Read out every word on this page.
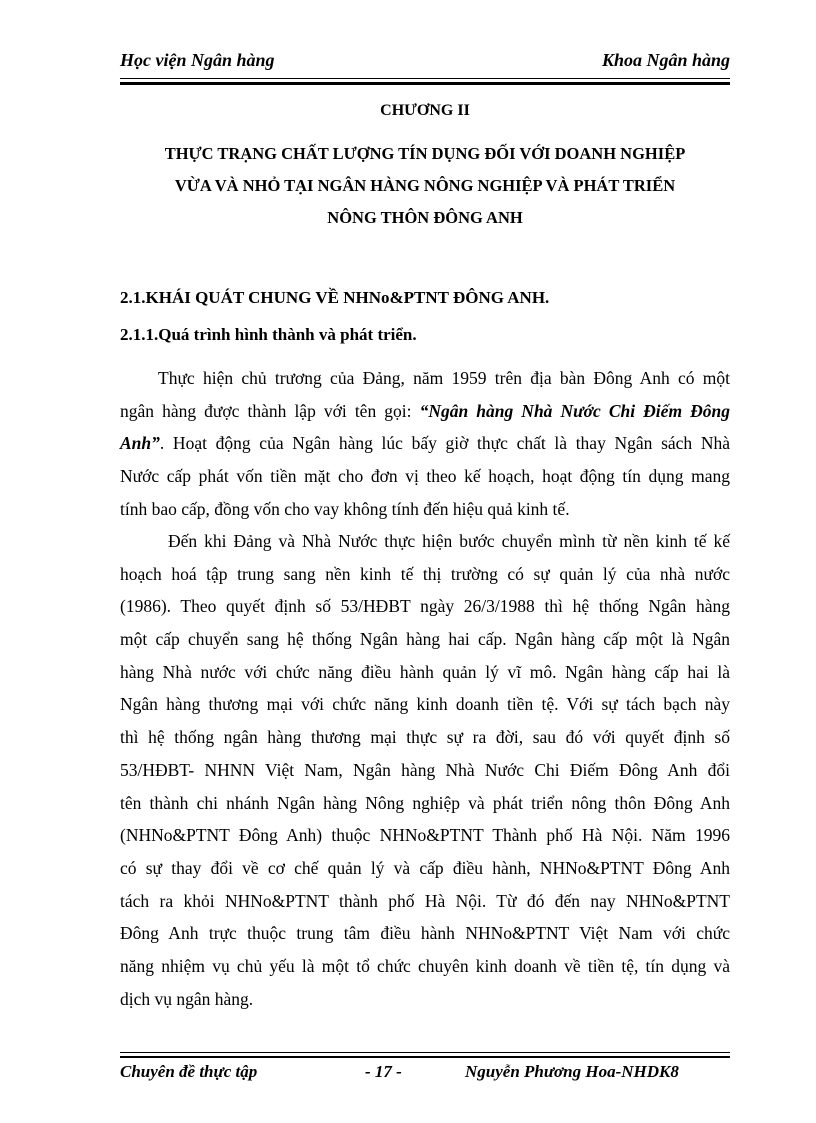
Học viện Ngân hàng	Khoa Ngân hàng
CHƯƠNG II
THỰC TRẠNG CHẤT LƯỢNG TÍN DỤNG ĐỐI VỚI DOANH NGHIỆP
VỪA VÀ NHỎ TẠI NGÂN HÀNG NÔNG NGHIỆP VÀ PHÁT TRIỂN
NÔNG THÔN ĐÔNG ANH
2.1.KHÁI QUÁT CHUNG VỀ NHNo&PTNT ĐÔNG ANH.
2.1.1.Quá trình hình thành và phát triển.
Thực hiện chủ trương của Đảng, năm 1959 trên địa bàn Đông Anh có một
ngân hàng được thành lập với tên gọi: “Ngân hàng Nhà Nước Chi Điếm Đông
Anh”. Hoạt động của Ngân hàng lúc bấy giờ thực chất là thay Ngân sách Nhà
Nước cấp phát vốn tiền mặt cho đơn vị theo kế hoạch, hoạt động tín dụng mang
tính bao cấp, đồng vốn cho vay không tính đến hiệu quả kinh tế.
Đến khi Đảng và Nhà Nước thực hiện bước chuyển mình từ nền kinh tế kế
hoạch hoá tập trung sang nền kinh tế thị trường có sự quản lý của nhà nước
(1986). Theo quyết định số 53/HĐBT ngày 26/3/1988 thì hệ thống Ngân hàng
một cấp chuyển sang hệ thống Ngân hàng hai cấp. Ngân hàng cấp một là Ngân
hàng Nhà nước với chức năng điều hành quản lý vĩ mô. Ngân hàng cấp hai là
Ngân hàng thương mại với chức năng kinh doanh tiền tệ. Với sự tách bạch này
thì hệ thống ngân hàng thương mại thực sự ra đời, sau đó với quyết định số
53/HĐBT- NHNN Việt Nam, Ngân hàng Nhà Nước Chi Điếm Đông Anh đổi
tên thành chi nhánh Ngân hàng Nông nghiệp và phát triển nông thôn Đông Anh
(NHNo&PTNT Đông Anh) thuộc NHNo&PTNT Thành phố Hà Nội. Năm 1996
có sự thay đổi về cơ chế quản lý và cấp điều hành, NHNo&PTNT Đông Anh
tách ra khỏi NHNo&PTNT thành phố Hà Nội. Từ đó đến nay NHNo&PTNT
Đông Anh trực thuộc trung tâm điều hành NHNo&PTNT Việt Nam với chức
năng nhiệm vụ chủ yếu là một tổ chức chuyên kinh doanh về tiền tệ, tín dụng và
dịch vụ ngân hàng.
Chuyên đề thực tập	- 17 -	Nguyễn Phương Hoa-NHDK8
